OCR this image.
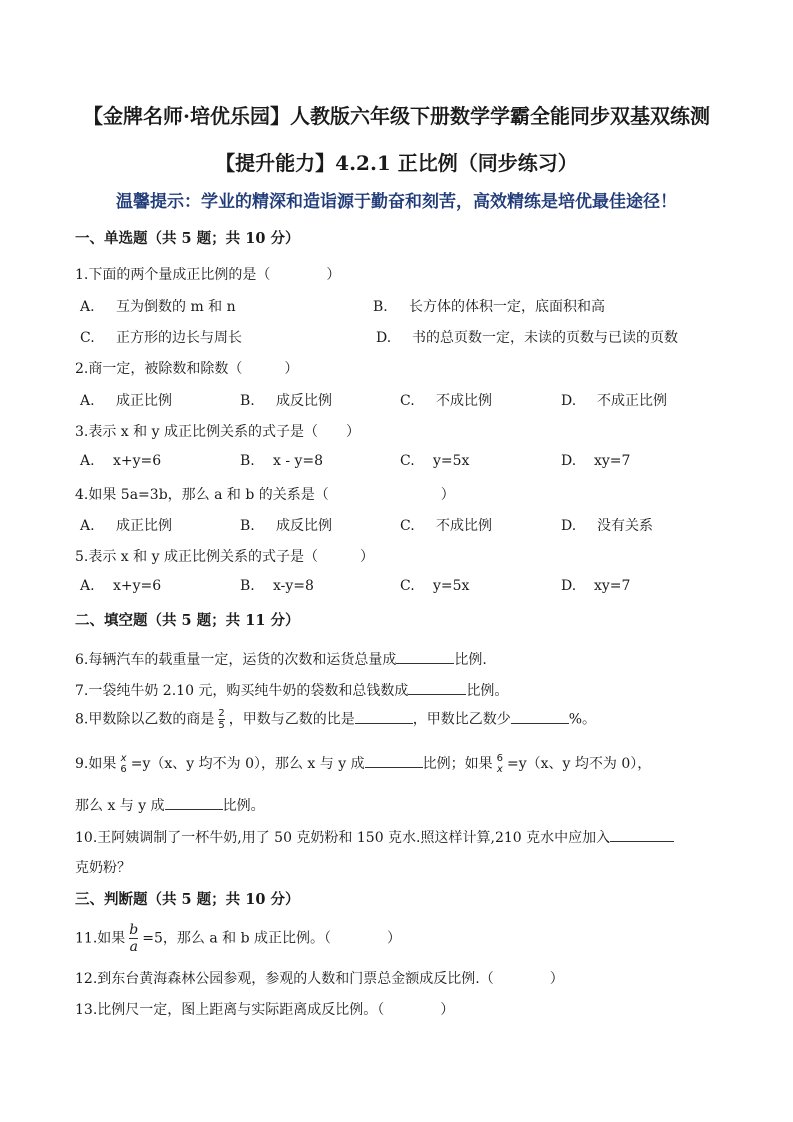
【金牌名师·培优乐园】人教版六年级下册数学学霸全能同步双基双练测
【提升能力】4.2.1 正比例（同步练习）
温馨提示：学业的精深和造诣源于勤奋和刻苦，高效精练是培优最佳途径！
一、单选题（共 5 题；共 10 分）
1.下面的两个量成正比例的是（　　　　）
A. 互为倒数的 m 和 n	B. 长方体的体积一定，底面积和高
C. 正方形的边长与周长	D. 书的总页数一定，未读的页数与已读的页数
2.商一定，被除数和除数（　　　）
A. 成正比例	B. 成反比例	C. 不成比例	D. 不成正比例
3.表示 x 和 y 成正比例关系的式子是（　　）
A. x+y=6	B. x - y=8	C. y=5x	D. xy=7
4.如果 5a=3b，那么 a 和 b 的关系是（　　　　　　　　）
A. 成正比例	B. 成反比例	C. 不成比例	D. 没有关系
5.表示 x 和 y 成正比例关系的式子是（　　　）
A. x+y=6	B. x-y=8	C. y=5x	D. xy=7
二、填空题（共 5 题；共 11 分）
6.每辆汽车的载重量一定，运货的次数和运货总量成	比例.
7.一袋纯牛奶 2.10 元，购买纯牛奶的袋数和总钱数成	比例。
8.甲数除以乙数的商是 $\frac{2}{5}$ ，甲数与乙数的比是	，甲数比乙数少	%。
9.如果 x
6 =y（x、y 均不为 0），那么 x 与 y 成	比例；如果 6
x =y（x、y 均不为 0），
那么 x 与 y 成	比例。
10.王阿姨调制了一杯牛奶,用了 50 克奶粉和 150 克水.照这样计算,210 克水中应加入
克奶粉？
三、判断题（共 5 题；共 10 分）
11.如果 $\frac{b}{a} =5$，那么 a 和 b 成正比例。（　　　　）
12.到东台黄海森林公园参观，参观的人数和门票总金额成反比例.（　　　　）
13.比例尺一定，图上距离与实际距离成反比例。（　　　　）
